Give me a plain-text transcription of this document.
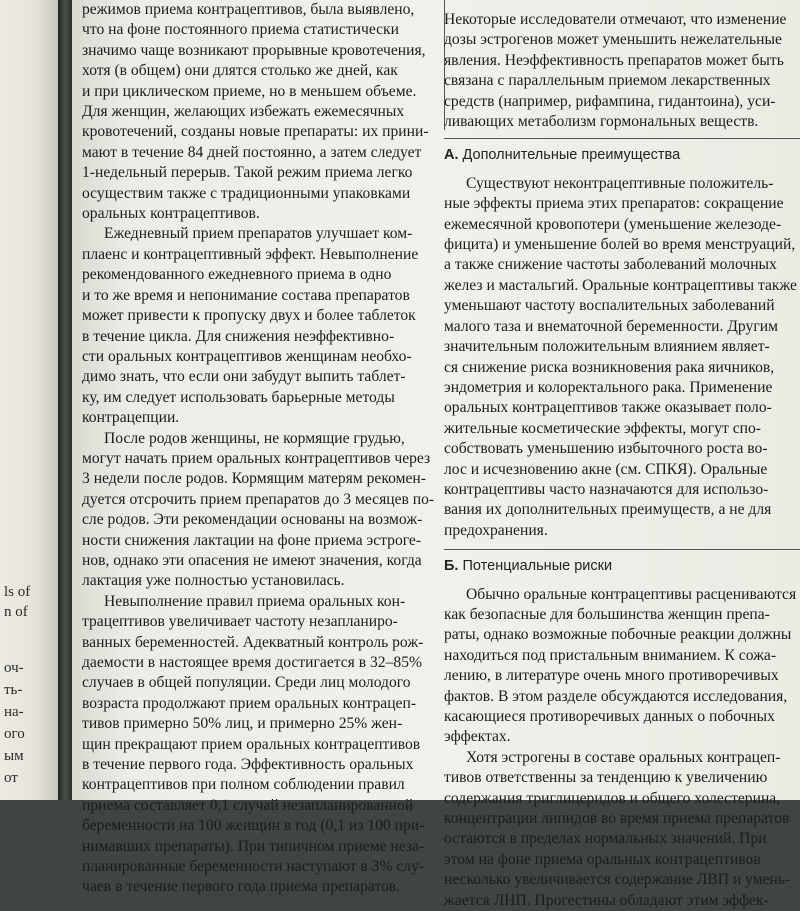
ls of
n of
оч-
ть-
на-
ого
ым
от
режимов приема контрацептивов, была выявлено,
что на фоне постоянного приема статистически
значимо чаще возникают прорывные кровотечения,
хотя (в общем) они длятся столько же дней, как
и при циклическом приеме, но в меньшем объеме.
Для женщин, желающих избежать ежемесячных
кровотечений, созданы новые препараты: их прини-
мают в течение 84 дней постоянно, а затем следует
1-недельный перерыв. Такой режим приема легко
осуществим также с традиционными упаковками
оральных контрацептивов.
Ежедневный прием препаратов улучшает ком-
плаенс и контрацептивный эффект. Невыполнение
рекомендованного ежедневного приема в одно
и то же время и непонимание состава препаратов
может привести к пропуску двух и более таблеток
в течение цикла. Для снижения неэффективно-
сти оральных контрацептивов женщинам необхо-
димо знать, что если они забудут выпить таблет-
ку, им следует использовать барьерные методы
контрацепции.
После родов женщины, не кормящие грудью,
могут начать прием оральных контрацептивов через
3 недели после родов. Кормящим матерям рекомен-
дуется отсрочить прием препаратов до 3 месяцев по-
сле родов. Эти рекомендации основаны на возмож-
ности снижения лактации на фоне приема эстроге-
нов, однако эти опасения не имеют значения, когда
лактация уже полностью установилась.
Невыполнение правил приема оральных кон-
трацептивов увеличивает частоту незапланиро-
ванных беременностей. Адекватный контроль рож-
даемости в настоящее время достигается в 32–85%
случаев в общей популяции. Среди лиц молодого
возраста продолжают прием оральных контрацеп-
тивов примерно 50% лиц, и примерно 25% жен-
щин прекращают прием оральных контрацептивов
в течение первого года. Эффективность оральных
контрацептивов при полном соблюдении правил
приема составляет 0,1 случай незапланированной
беременности на 100 женщин в год (0,1 из 100 при-
нимавших препараты). При типичном приеме неза-
планированные беременности наступают в 3% слу-
чаев в течение первого года приема препаратов.
Некоторые исследователи отмечают, что изменение
дозы эстрогенов может уменьшить нежелательные
явления. Неэффективность препаратов может быть
связана с параллельным приемом лекарственных
средств (например, рифампина, гидантоина), уси-
ливающих метаболизм гормональных веществ.
А. Дополнительные преимущества
Существуют неконтрацептивные положитель-
ные эффекты приема этих препаратов: сокращение
ежемесячной кровопотери (уменьшение железоде-
фицита) и уменьшение болей во время менструаций,
а также снижение частоты заболеваний молочных
желез и мастальгий. Оральные контрацептивы также
уменьшают частоту воспалительных заболеваний
малого таза и внематочной беременности. Другим
значительным положительным влиянием являет-
ся снижение риска возникновения рака яичников,
эндометрия и колоректального рака. Применение
оральных контрацептивов также оказывает поло-
жительные косметические эффекты, могут спо-
собствовать уменьшению избыточного роста во-
лос и исчезновению акне (см. СПКЯ). Оральные
контрацептивы часто назначаются для использо-
вания их дополнительных преимуществ, а не для
предохранения.
Б. Потенциальные риски
Обычно оральные контрацептивы расцениваются
как безопасные для большинства женщин препа-
раты, однако возможные побочные реакции должны
находиться под пристальным вниманием. К сожа-
лению, в литературе очень много противоречивых
фактов. В этом разделе обсуждаются исследования,
касающиеся противоречивых данных о побочных
эффектах.
Хотя эстрогены в составе оральных контрацеп-
тивов ответственны за тенденцию к увеличению
содержания триглицеридов и общего холестерина,
концентрации липидов во время приема препаратов
остаются в пределах нормальных значений. При
этом на фоне приема оральных контрацептивов
несколько увеличивается содержание ЛВП и умень-
жается ЛНП. Прогестины обладают этим эффек-
